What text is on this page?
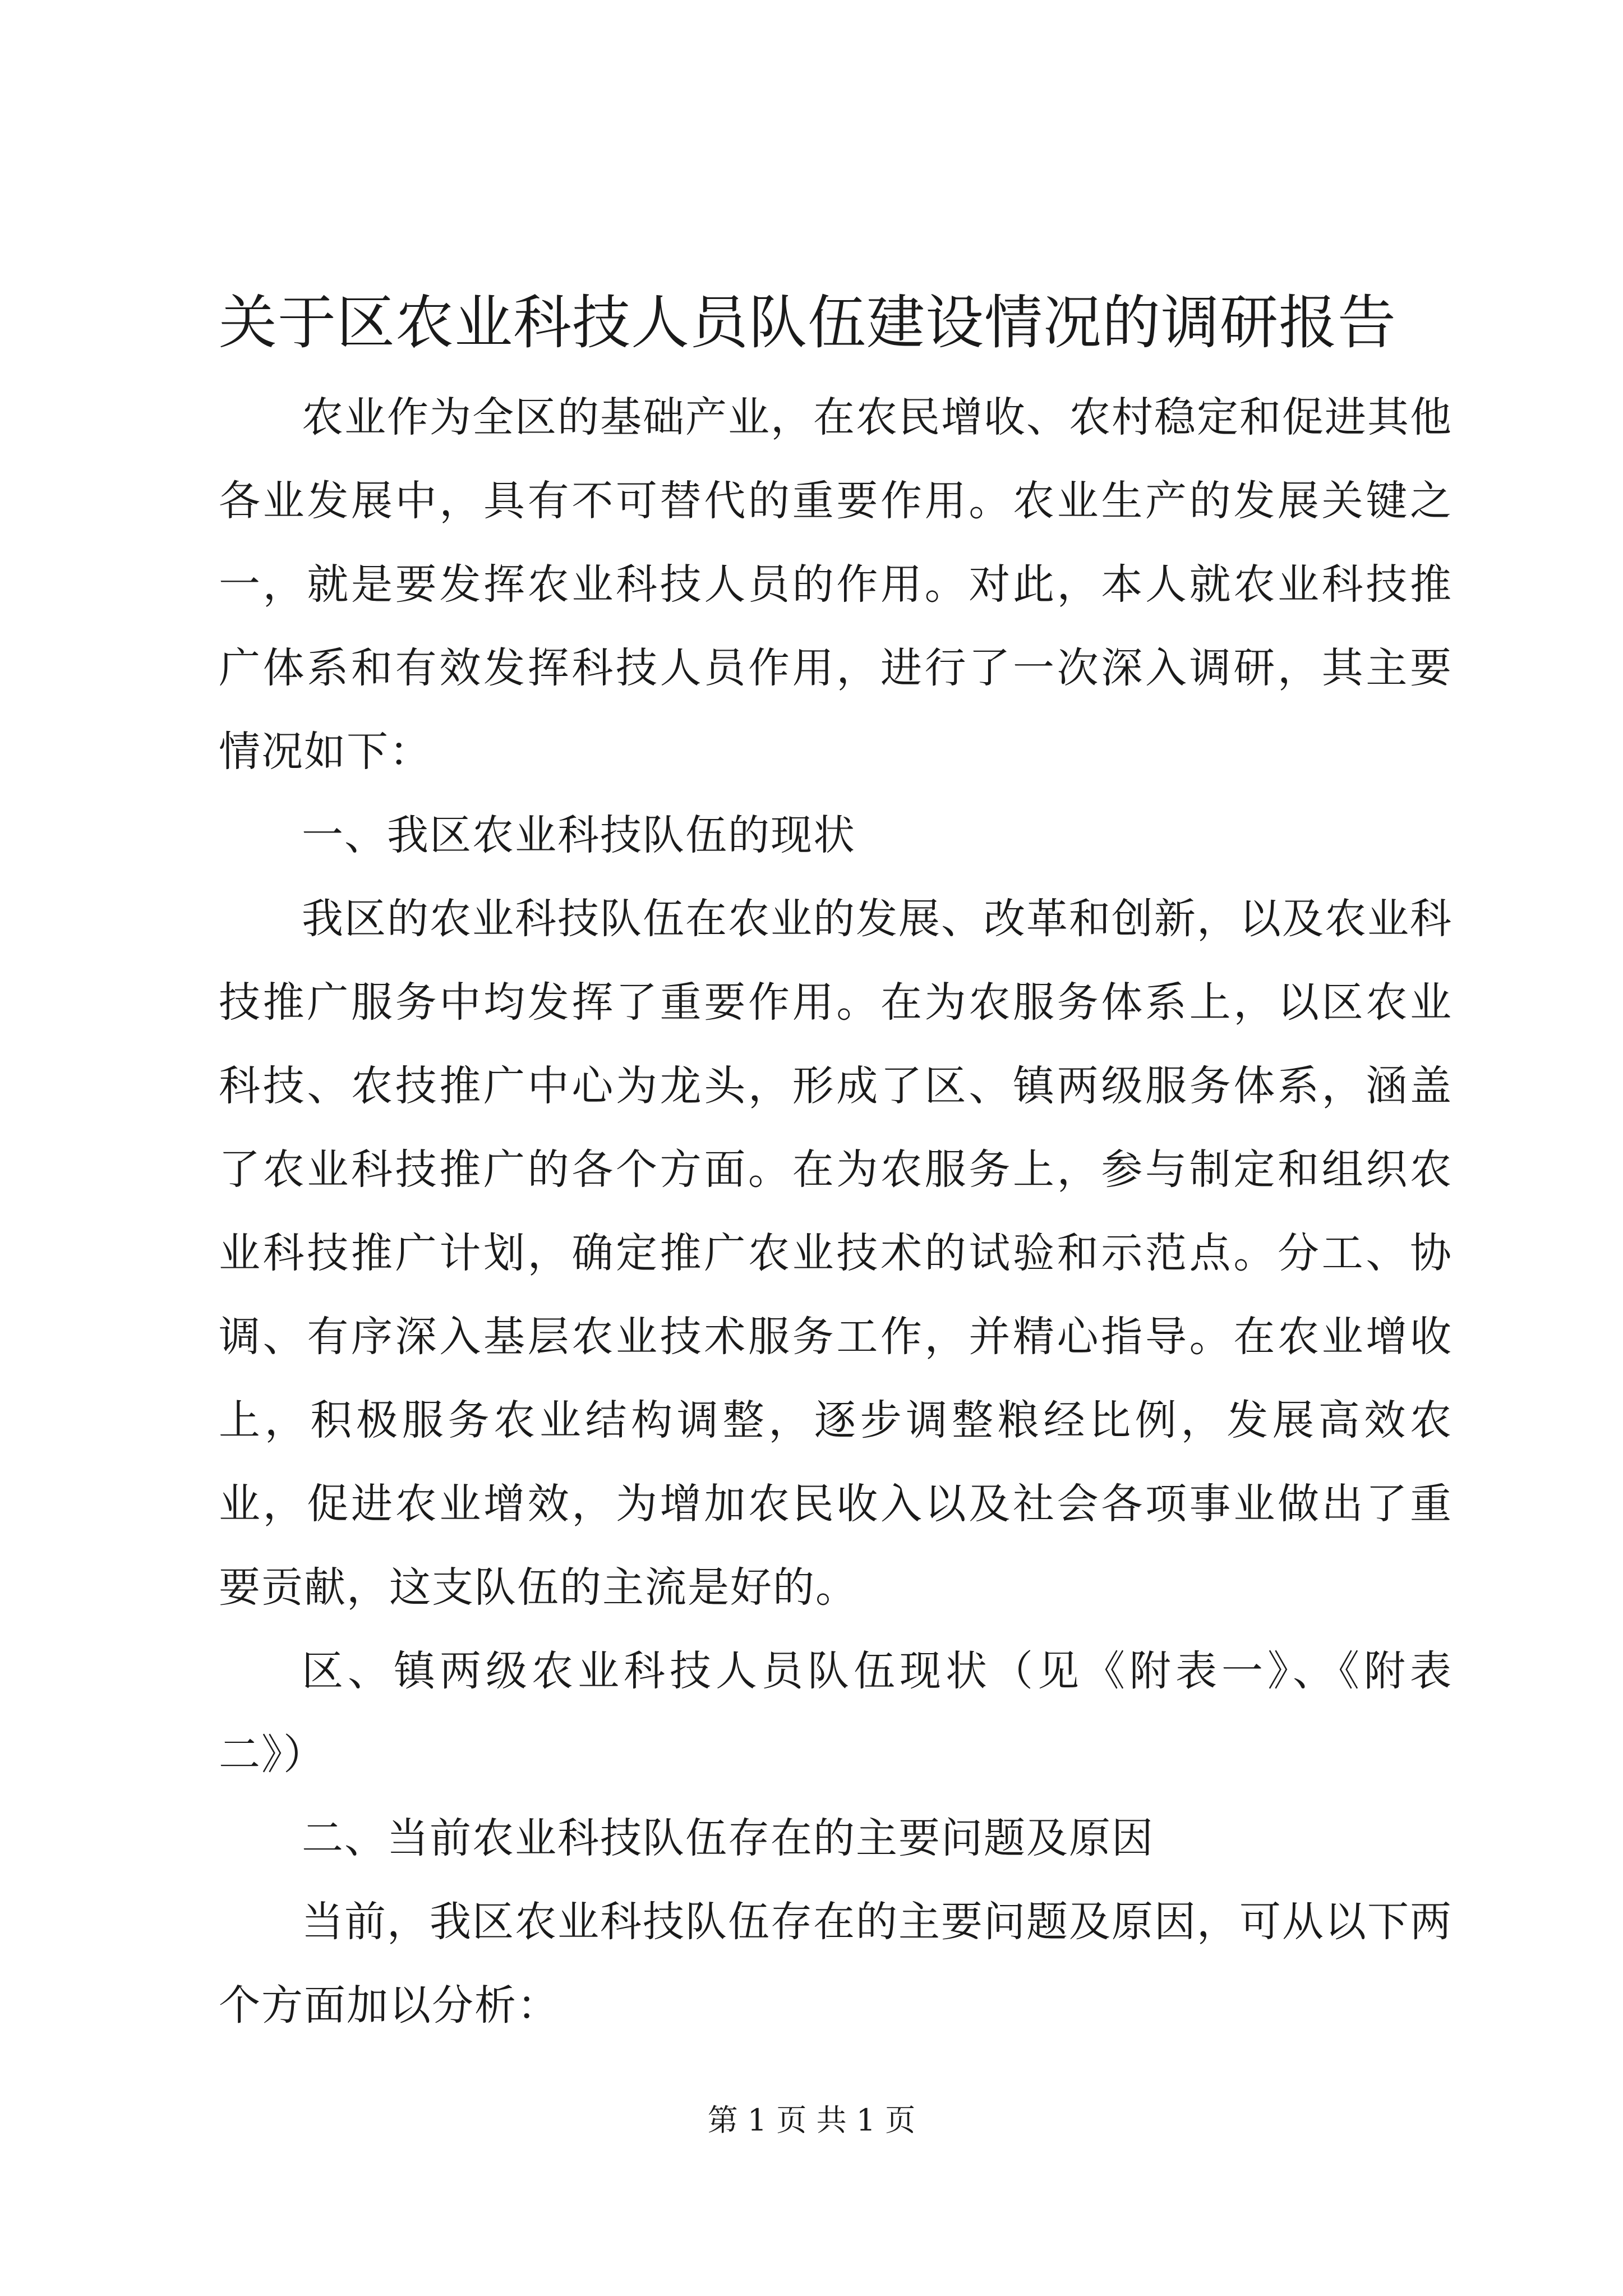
关于区农业科技人员队伍建设情况的调研报告

农业作为全区的基础产业，在农民增收、农村稳定和促进其他各业发展中，具有不可替代的重要作用。农业生产的发展关键之一，就是要发挥农业科技人员的作用。对此，本人就农业科技推广体系和有效发挥科技人员作用，进行了一次深入调研，其主要情况如下：

一、我区农业科技队伍的现状

我区的农业科技队伍在农业的发展、改革和创新，以及农业科技推广服务中均发挥了重要作用。在为农服务体系上，以区农业科技、农技推广中心为龙头，形成了区、镇两级服务体系，涵盖了农业科技推广的各个方面。在为农服务上，参与制定和组织农业科技推广计划，确定推广农业技术的试验和示范点。分工、协调、有序深入基层农业技术服务工作，并精心指导。在农业增收上，积极服务农业结构调整，逐步调整粮经比例，发展高效农业，促进农业增效，为增加农民收入以及社会各项事业做出了重要贡献，这支队伍的主流是好的。

区、镇两级农业科技人员队伍现状（见《附表一》、《附表二》）

二、当前农业科技队伍存在的主要问题及原因

当前，我区农业科技队伍存在的主要问题及原因，可从以下两个方面加以分析：

第 1 页 共 1 页
